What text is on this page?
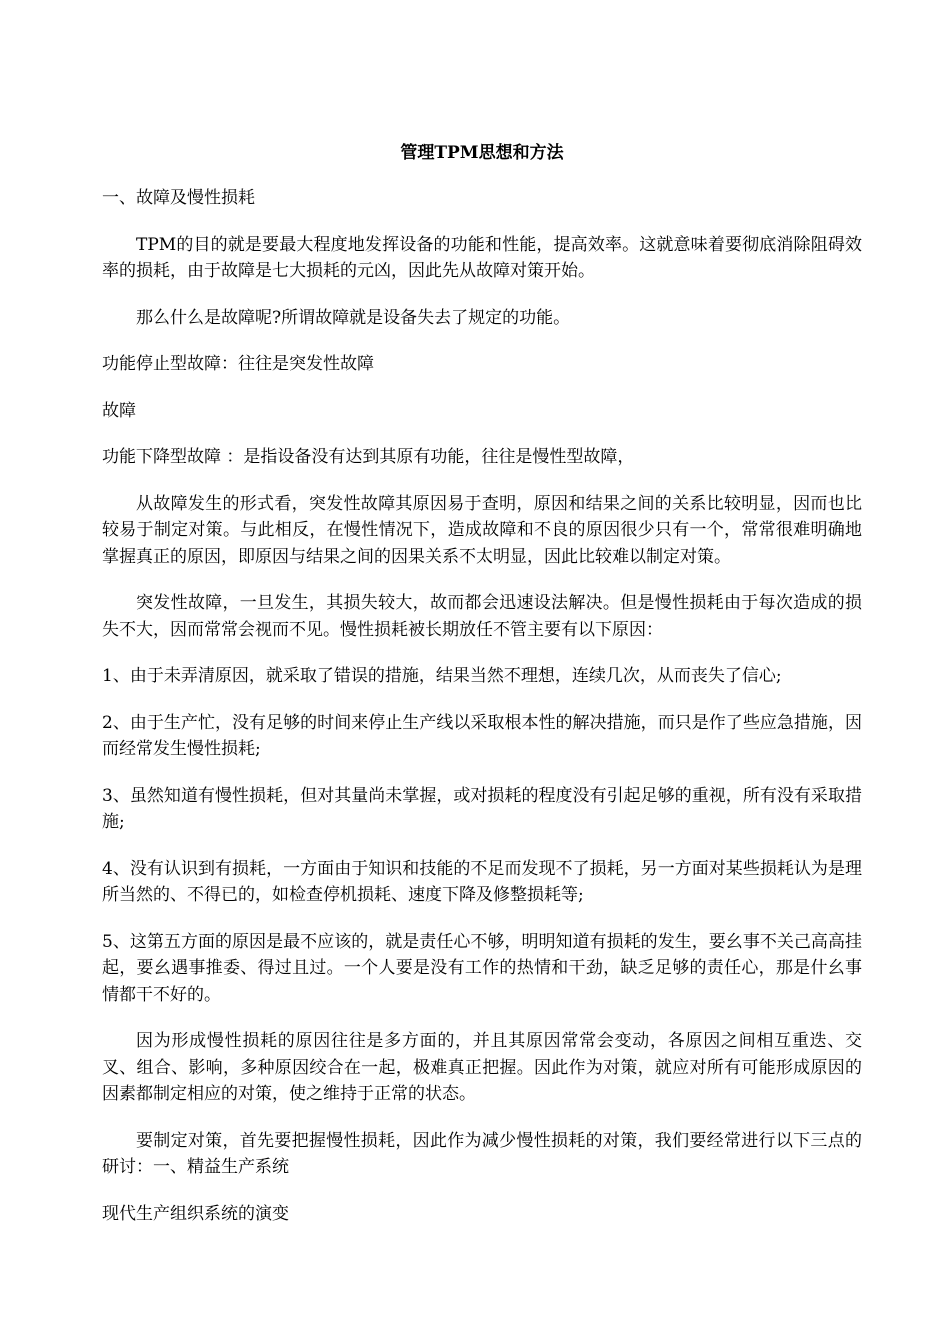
管理TPM思想和方法
一、故障及慢性损耗
TPM的目的就是要最大程度地发挥设备的功能和性能，提高效率。这就意味着要彻底消除阻碍效率的损耗，由于故障是七大损耗的元凶，因此先从故障对策开始。
那么什么是故障呢?所谓故障就是设备失去了规定的功能。
功能停止型故障：往往是突发性故障
故障
功能下降型故障 ：是指设备没有达到其原有功能，往往是慢性型故障，
从故障发生的形式看，突发性故障其原因易于查明，原因和结果之间的关系比较明显，因而也比较易于制定对策。与此相反，在慢性情况下，造成故障和不良的原因很少只有一个，常常很难明确地掌握真正的原因，即原因与结果之间的因果关系不太明显，因此比较难以制定对策。
突发性故障，一旦发生，其损失较大，故而都会迅速设法解决。但是慢性损耗由于每次造成的损失不大，因而常常会视而不见。慢性损耗被长期放任不管主要有以下原因：
1、由于未弄清原因，就采取了错误的措施，结果当然不理想，连续几次，从而丧失了信心;
2、由于生产忙，没有足够的时间来停止生产线以采取根本性的解决措施，而只是作了些应急措施，因而经常发生慢性损耗;
3、虽然知道有慢性损耗，但对其量尚未掌握，或对损耗的程度没有引起足够的重视，所有没有采取措施;
4、没有认识到有损耗，一方面由于知识和技能的不足而发现不了损耗，另一方面对某些损耗认为是理所当然的、不得已的，如检查停机损耗、速度下降及修整损耗等;
5、这第五方面的原因是最不应该的，就是责任心不够，明明知道有损耗的发生，要幺事不关己高高挂起，要幺遇事推委、得过且过。一个人要是没有工作的热情和干劲，缺乏足够的责任心，那是什幺事情都干不好的。
因为形成慢性损耗的原因往往是多方面的，并且其原因常常会变动，各原因之间相互重迭、交叉、组合、影响，多种原因绞合在一起，极难真正把握。因此作为对策，就应对所有可能形成原因的因素都制定相应的对策，使之维持于正常的状态。
要制定对策，首先要把握慢性损耗，因此作为减少慢性损耗的对策，我们要经常进行以下三点的研讨：一、精益生产系统
现代生产组织系统的演变
